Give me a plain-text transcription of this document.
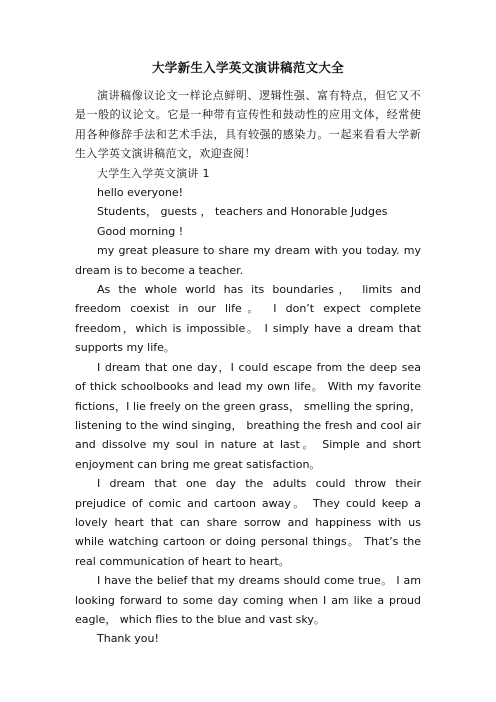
大学新生入学英文演讲稿范文大全

演讲稿像议论文一样论点鲜明、逻辑性强、富有特点，但它又不是一般的议论文。它是一种带有宣传性和鼓动性的应用文体，经常使用各种修辞手法和艺术手法，具有较强的感染力。一起来看看大学新生入学英文演讲稿范文，欢迎查阅！

大学生入学英文演讲 1

hello everyone!

Students， guests ， teachers and Honorable Judges

Good morning !

my great pleasure to share my dream with you today. my dream is to become a teacher.

As the whole world has its boundaries， limits and freedom coexist in our life。 I don’t expect complete freedom，which is impossible。 I simply have a dream that supports my life。

I dream that one day，I could escape from the deep sea of thick schoolbooks and lead my own life。 With my favorite fictions，I lie freely on the green grass， smelling the spring，listening to the wind singing， breathing the fresh and cool air and dissolve my soul in nature at last。 Simple and short enjoyment can bring me great satisfaction。

I dream that one day the adults could throw their prejudice of comic and cartoon away。 They could keep a lovely heart that can share sorrow and happiness with us while watching cartoon or doing personal things。 That’s the real communication of heart to heart。

I have the belief that my dreams should come true。 I am looking forward to some day coming when I am like a proud eagle， which flies to the blue and vast sky。

Thank you!
